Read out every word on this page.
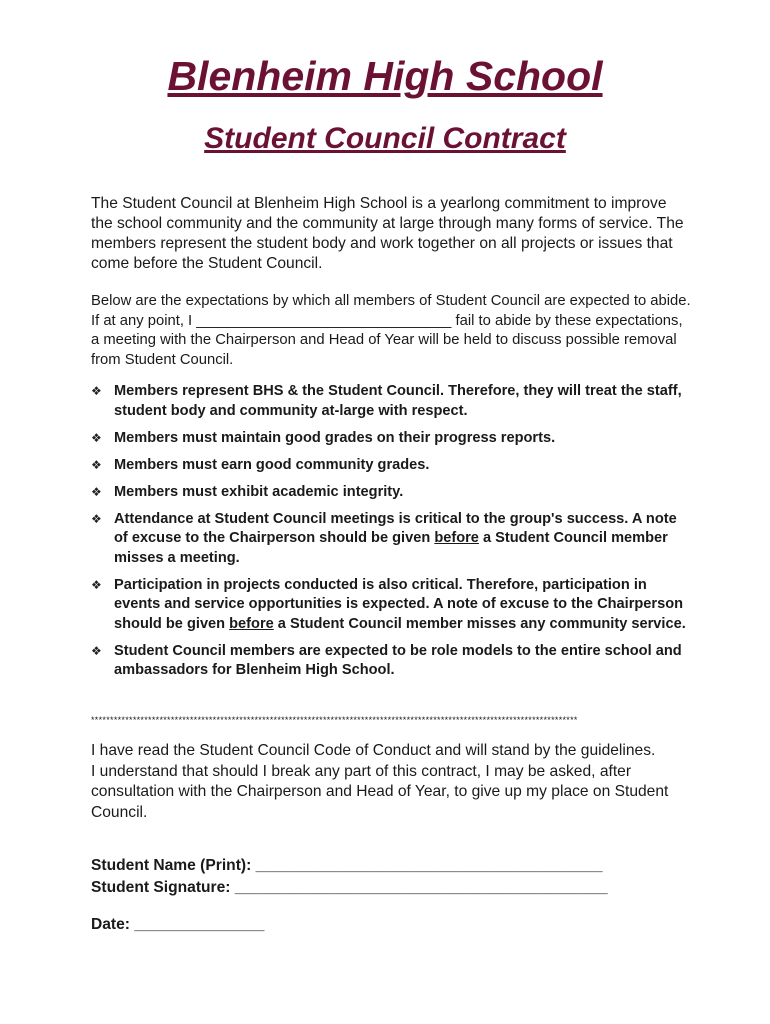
Blenheim High School
Student Council Contract

The Student Council at Blenheim High School is a yearlong commitment to improve the school community and the community at large through many forms of service. The members represent the student body and work together on all projects or issues that come before the Student Council.

Below are the expectations by which all members of Student Council are expected to abide. If at any point, I _______________________________ fail to abide by these expectations, a meeting with the Chairperson and Head of Year will be held to discuss possible removal from Student Council.

❖ Members represent BHS & the Student Council. Therefore, they will treat the staff, student body and community at-large with respect.
❖ Members must maintain good grades on their progress reports.
❖ Members must earn good community grades.
❖ Members must exhibit academic integrity.
❖ Attendance at Student Council meetings is critical to the group's success. A note of excuse to the Chairperson should be given before a Student Council member misses a meeting.
❖ Participation in projects conducted is also critical. Therefore, participation in events and service opportunities is expected. A note of excuse to the Chairperson should be given before a Student Council member misses any community service.
❖ Student Council members are expected to be role models to the entire school and ambassadors for Blenheim High School.
********************************************************************************************************************************

I have read the Student Council Code of Conduct and will stand by the guidelines.
I understand that should I break any part of this contract, I may be asked, after consultation with the Chairperson and Head of Year, to give up my place on Student Council.

Student Name (Print): ________________________________________
Student Signature: ___________________________________________
Date: _______________
